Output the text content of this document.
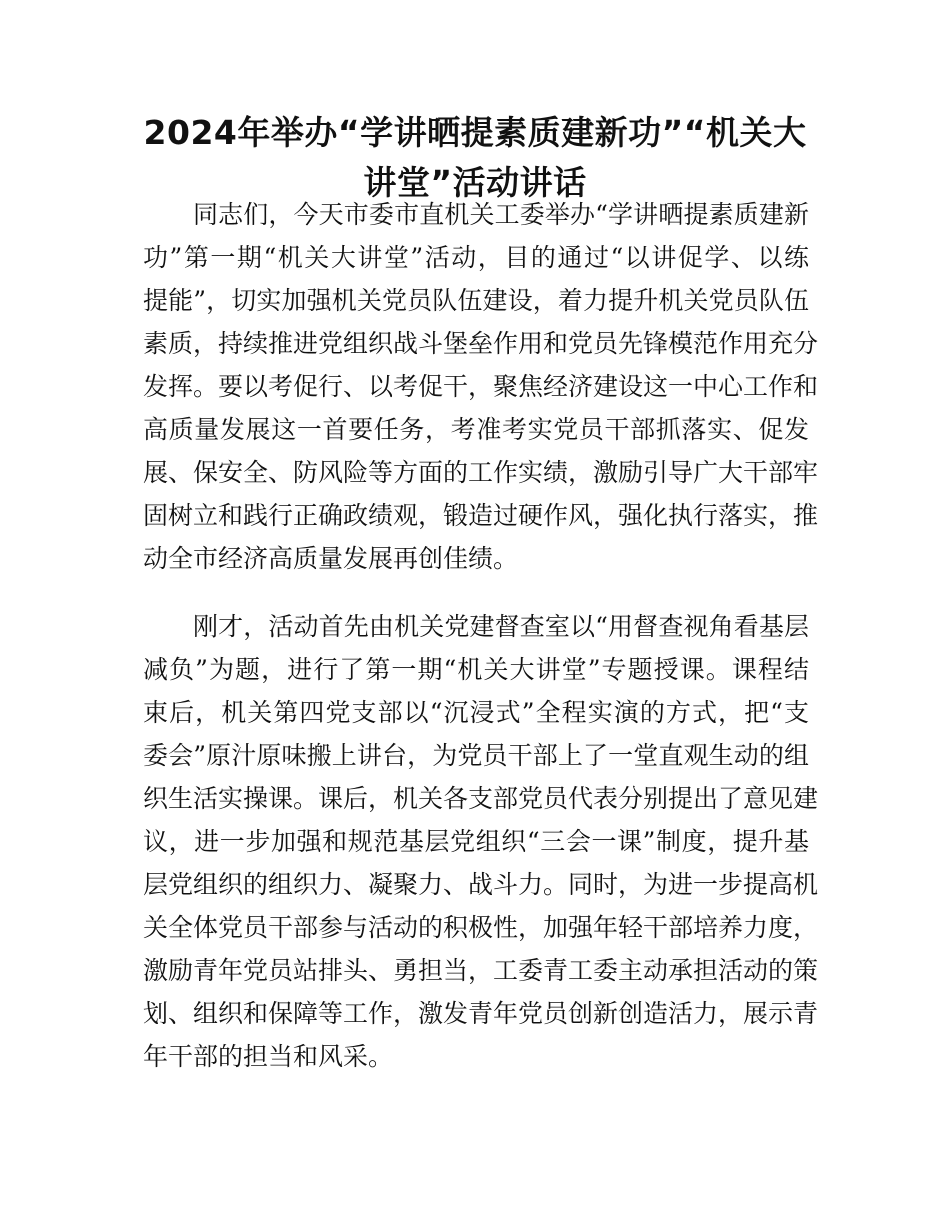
2024年举办“学讲晒提素质建新功”“机关大
讲堂”活动讲话

同志们，今天市委市直机关工委举办“学讲晒提素质建新
功”第一期“机关大讲堂”活动，目的通过“以讲促学、以练
提能”，切实加强机关党员队伍建设，着力提升机关党员队伍
素质，持续推进党组织战斗堡垒作用和党员先锋模范作用充分
发挥。要以考促行、以考促干，聚焦经济建设这一中心工作和
高质量发展这一首要任务，考准考实党员干部抓落实、促发
展、保安全、防风险等方面的工作实绩，激励引导广大干部牢
固树立和践行正确政绩观，锻造过硬作风，强化执行落实，推
动全市经济高质量发展再创佳绩。

刚才，活动首先由机关党建督查室以“用督查视角看基层
减负”为题，进行了第一期“机关大讲堂”专题授课。课程结
束后，机关第四党支部以“沉浸式”全程实演的方式，把“支
委会”原汁原味搬上讲台，为党员干部上了一堂直观生动的组
织生活实操课。课后，机关各支部党员代表分别提出了意见建
议，进一步加强和规范基层党组织“三会一课”制度，提升基
层党组织的组织力、凝聚力、战斗力。同时，为进一步提高机
关全体党员干部参与活动的积极性，加强年轻干部培养力度，
激励青年党员站排头、勇担当，工委青工委主动承担活动的策
划、组织和保障等工作，激发青年党员创新创造活力，展示青
年干部的担当和风采。
